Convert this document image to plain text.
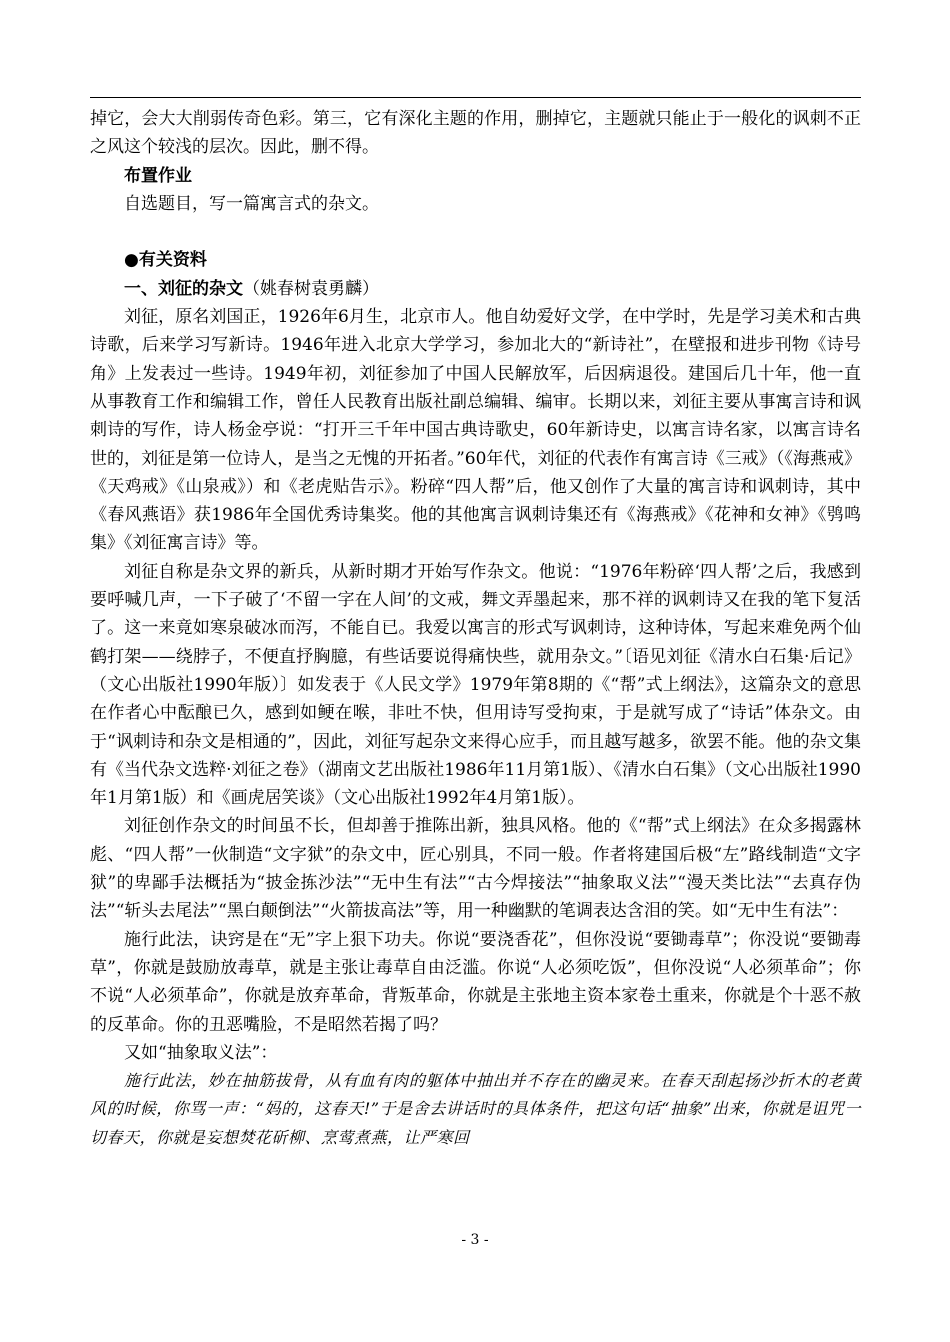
掉它，会大大削弱传奇色彩。第三，它有深化主题的作用，删掉它，主题就只能止于一般化的讽刺不正之风这个较浅的层次。因此，删不得。

布置作业

自选题目，写一篇寓言式的杂文。

●有关资料

一、刘征的杂文（姚春树袁勇麟）

刘征，原名刘国正，1926年6月生，北京市人。他自幼爱好文学，在中学时，先是学习美术和古典诗歌，后来学习写新诗。1946年进入北京大学学习，参加北大的“新诗社”，在壁报和进步刊物《诗号角》上发表过一些诗。1949年初，刘征参加了中国人民解放军，后因病退役。建国后几十年，他一直从事教育工作和编辑工作，曾任人民教育出版社副总编辑、编审。长期以来，刘征主要从事寓言诗和讽刺诗的写作，诗人杨金亭说：“打开三千年中国古典诗歌史，60年新诗史，以寓言诗名家，以寓言诗名世的，刘征是第一位诗人，是当之无愧的开拓者。”60年代，刘征的代表作有寓言诗《三戒》（《海燕戒》《天鸡戒》《山泉戒》）和《老虎贴告示》。粉碎“四人帮”后，他又创作了大量的寓言诗和讽刺诗，其中《春风燕语》获1986年全国优秀诗集奖。他的其他寓言讽刺诗集还有《海燕戒》《花神和女神》《鸮鸣集》《刘征寓言诗》等。

刘征自称是杂文界的新兵，从新时期才开始写作杂文。他说：“1976年粉碎‘四人帮’之后，我感到要呼喊几声，一下子破了‘不留一字在人间’的文戒，舞文弄墨起来，那不祥的讽刺诗又在我的笔下复活了。这一来竟如寒泉破冰而泻，不能自已。我爱以寓言的形式写讽刺诗，这种诗体，写起来难免两个仙鹤打架——绕脖子，不便直抒胸臆，有些话要说得痛快些，就用杂文。”〔语见刘征《清水白石集·后记》（文心出版社1990年版）〕如发表于《人民文学》1979年第8期的《“帮”式上纲法》，这篇杂文的意思在作者心中酝酿已久，感到如鲠在喉，非吐不快，但用诗写受拘束，于是就写成了“诗话”体杂文。由于“讽刺诗和杂文是相通的”，因此，刘征写起杂文来得心应手，而且越写越多，欲罢不能。他的杂文集有《当代杂文选粹·刘征之卷》（湖南文艺出版社1986年11月第1版）、《清水白石集》（文心出版社1990年1月第1版）和《画虎居笑谈》（文心出版社1992年4月第1版）。

刘征创作杂文的时间虽不长，但却善于推陈出新，独具风格。他的《“帮”式上纲法》在众多揭露林彪、“四人帮”一伙制造“文字狱”的杂文中，匠心别具，不同一般。作者将建国后极“左”路线制造“文字狱”的卑鄙手法概括为“披金拣沙法”“无中生有法”“古今焊接法”“抽象取义法”“漫天类比法”“去真存伪法”“斩头去尾法”“黑白颠倒法”“火箭拔高法”等，用一种幽默的笔调表达含泪的笑。如“无中生有法”：

施行此法，诀窍是在“无”字上狠下功夫。你说“要浇香花”，但你没说“要锄毒草”；你没说“要锄毒草”，你就是鼓励放毒草，就是主张让毒草自由泛滥。你说“人必须吃饭”，但你没说“人必须革命”；你不说“人必须革命”，你就是放弃革命，背叛革命，你就是主张地主资本家卷土重来，你就是个十恶不赦的反革命。你的丑恶嘴脸，不是昭然若揭了吗？

又如“抽象取义法”：

施行此法，妙在抽筋拔骨，从有血有肉的躯体中抽出并不存在的幽灵来。在春天刮起扬沙折木的老黄风的时候，你骂一声：“妈的，这春天!”于是舍去讲话时的具体条件，把这句话“抽象”出来，你就是诅咒一切春天，你就是妄想焚花斫柳、烹莺煮燕，让严寒回

- 3 -
